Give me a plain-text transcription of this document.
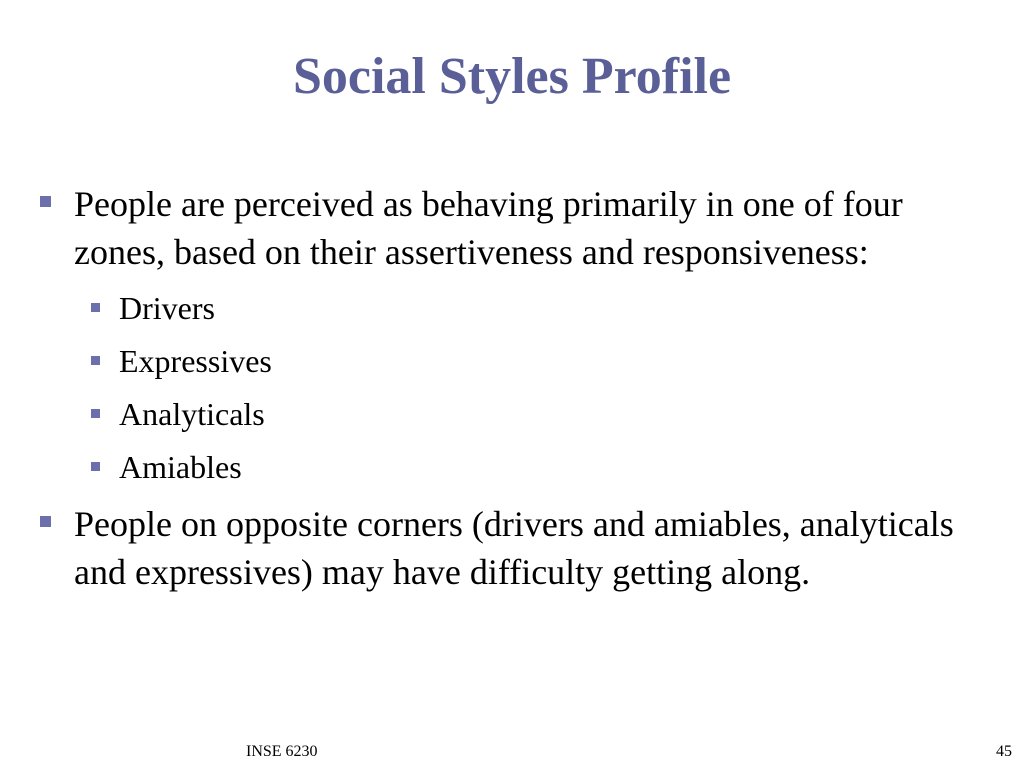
Social Styles Profile
People are perceived as behaving primarily in one of four zones, based on their assertiveness and responsiveness:
Drivers
Expressives
Analyticals
Amiables
People on opposite corners (drivers and amiables, analyticals and expressives) may have difficulty getting along.
INSE 6230	45
